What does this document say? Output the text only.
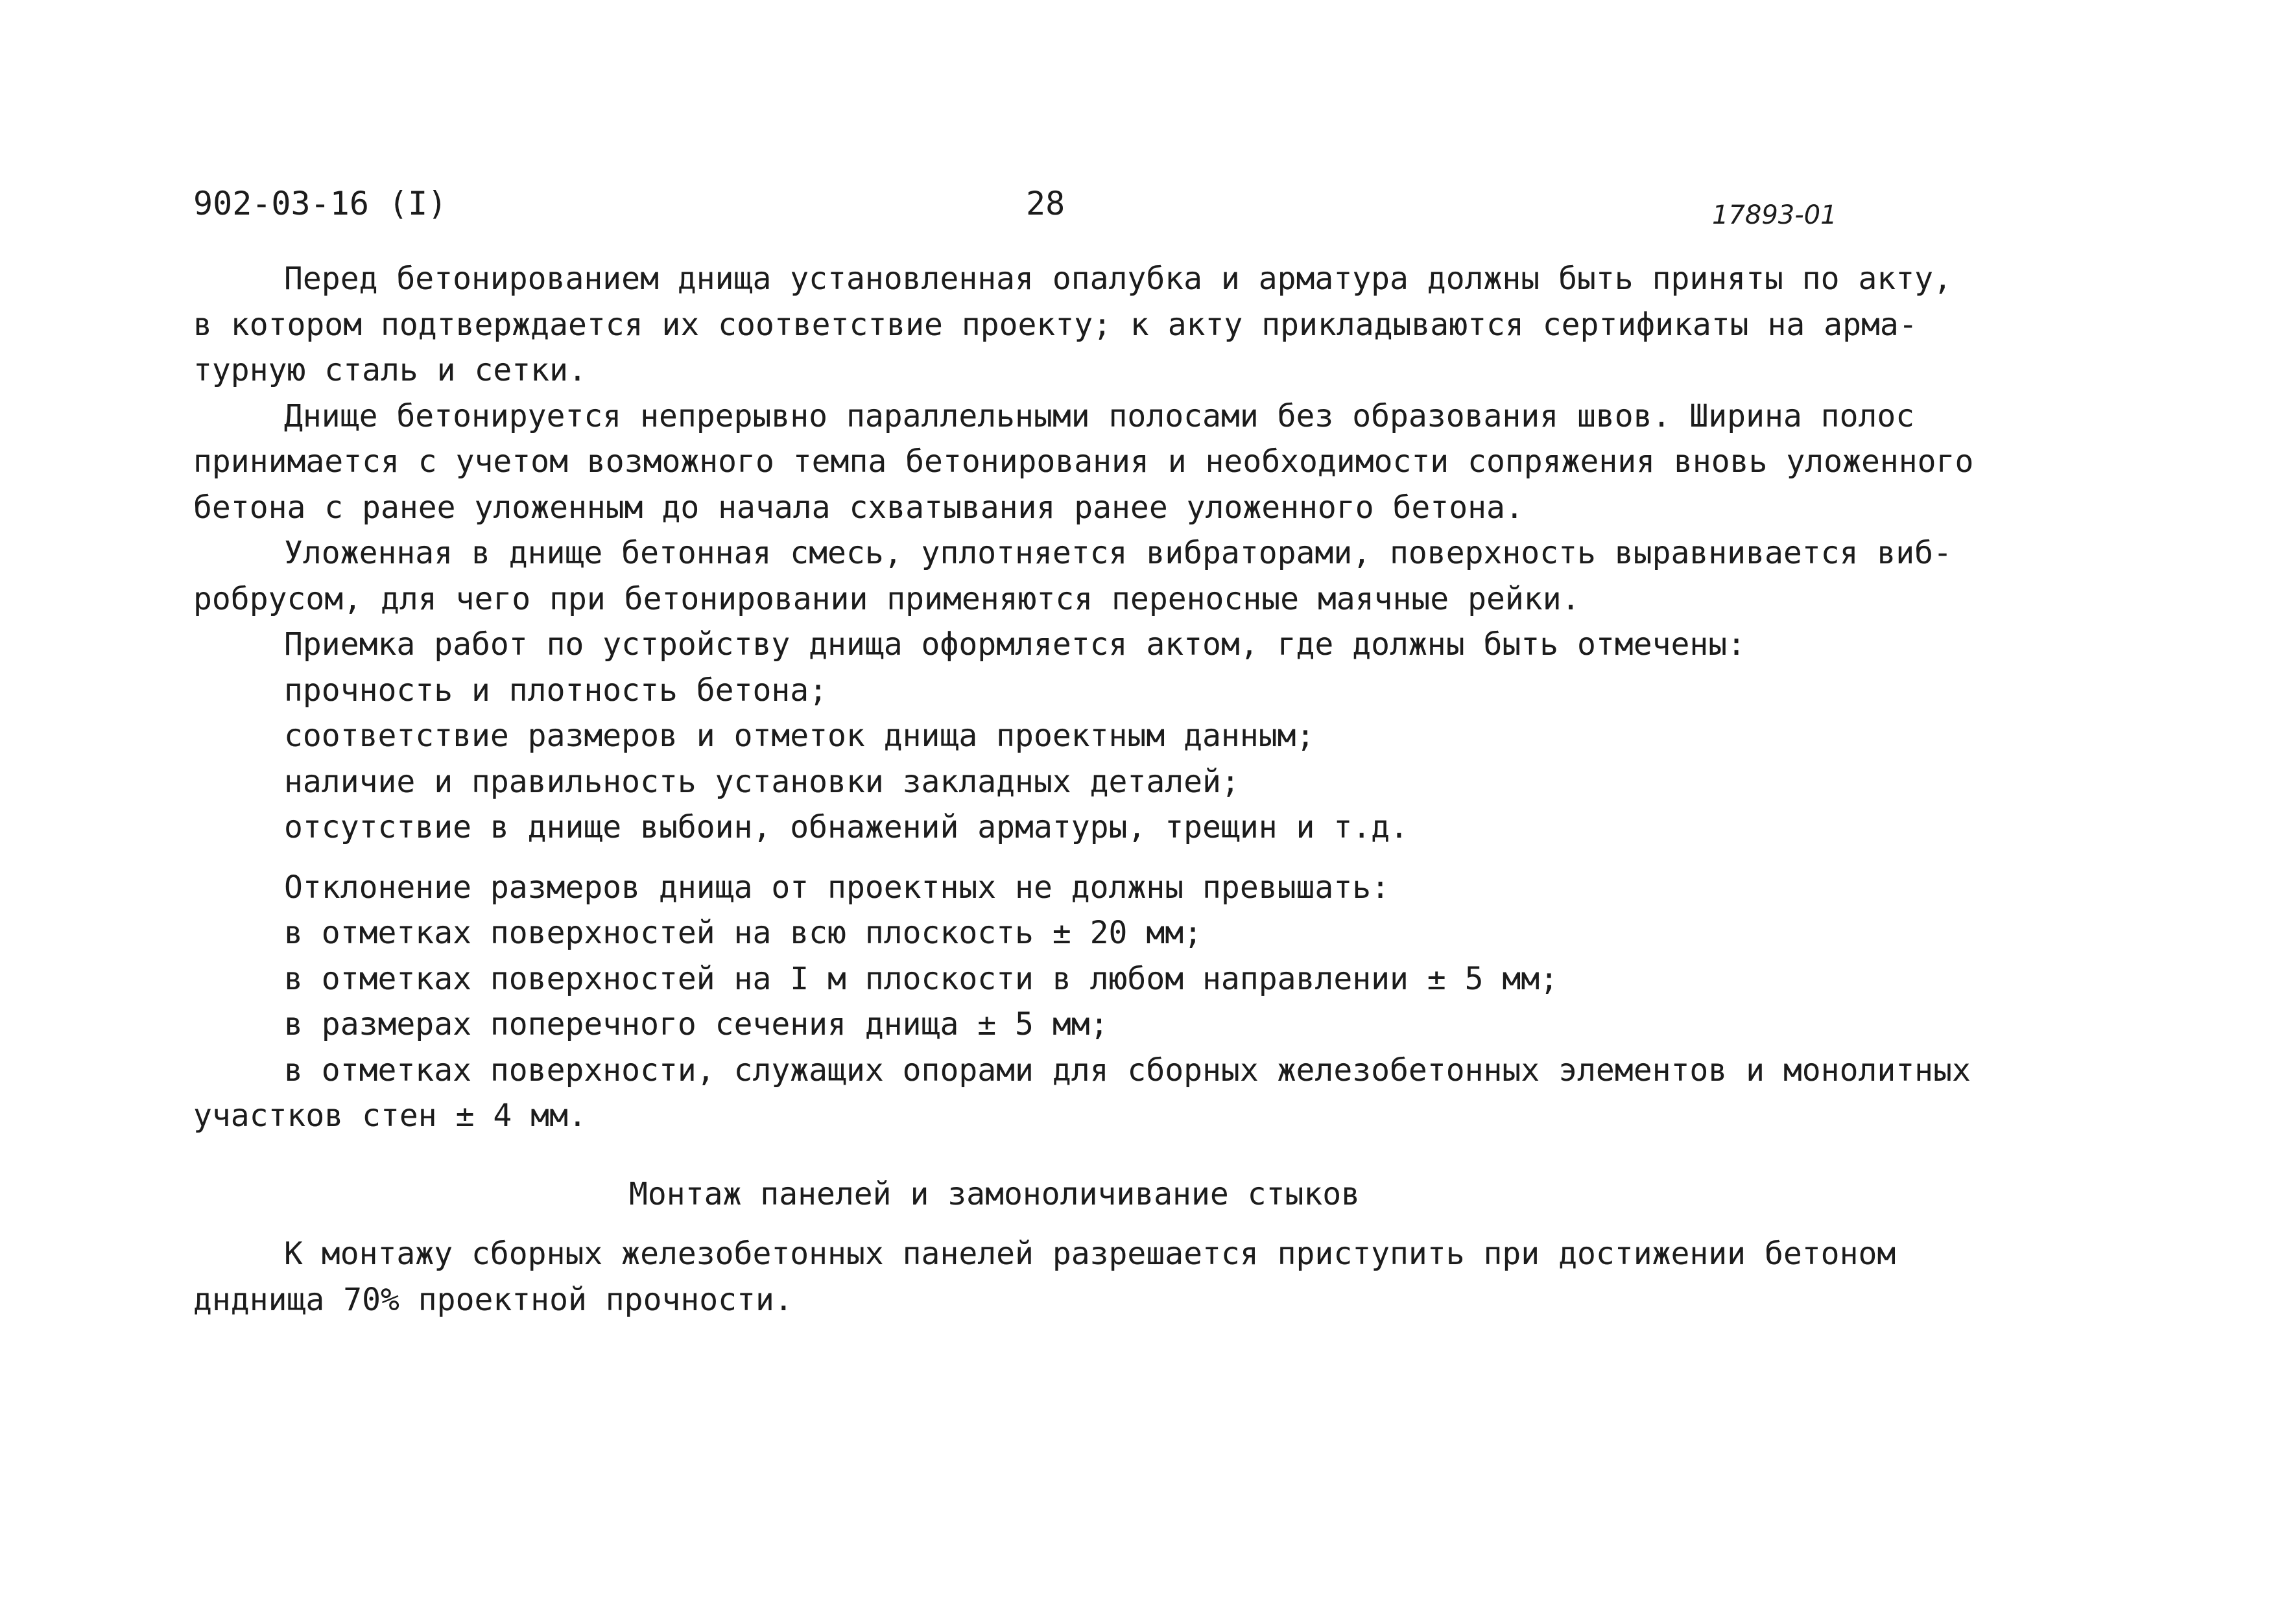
902-03-16 (I)	28	17893-01
Перед бетонированием днища установленная опалубка и арматура должны быть приняты по акту,
в котором подтверждается их соответствие проекту; к акту прикладываются сертификаты на арма-
турную сталь и сетки.
Днище бетонируется непрерывно параллельными полосами без образования швов. Ширина полос
принимается с учетом возможного темпа бетонирования и необходимости сопряжения вновь уложенного
бетона с ранее уложенным до начала схватывания ранее уложенного бетона.
Уложенная в днище бетонная смесь, уплотняется вибраторами, поверхность выравнивается виб-
робрусом, для чего при бетонировании применяются переносные маячные рейки.
Приемка работ по устройству днища оформляется актом, где должны быть отмечены:
прочность и плотность бетона;
соответствие размеров и отметок днища проектным данным;
наличие и правильность установки закладных деталей;
отсутствие в днище выбоин, обнажений арматуры, трещин и т.д.
Отклонение размеров днища от проектных не должны превышать:
в отметках поверхностей на всю плоскость ± 20 мм;
в отметках поверхностей на I м плоскости в любом направлении ± 5 мм;
в размерах поперечного сечения днища ± 5 мм;
в отметках поверхности, служащих опорами для сборных железобетонных элементов и монолитных
участков стен ± 4 мм.
Монтаж панелей и замоноличивание стыков
К монтажу сборных железобетонных панелей разрешается приступить при достижении бетоном
днднища 70% проектной прочности.
